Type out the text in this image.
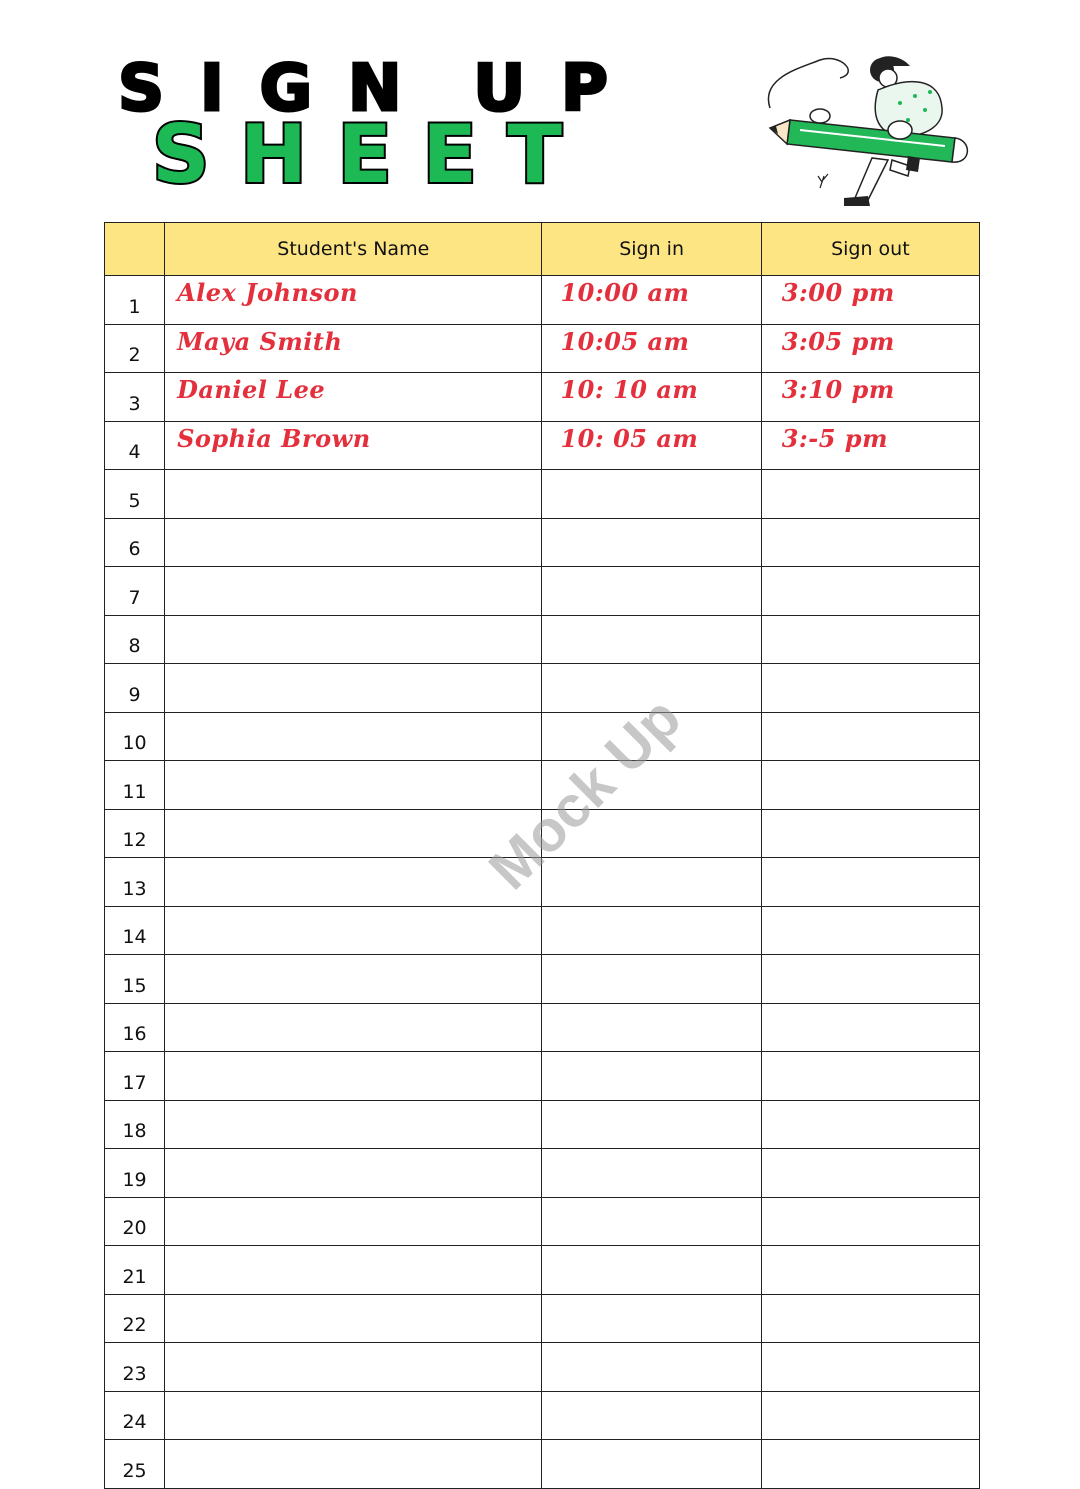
S I G N U P
S H E E T
	Student's Name	Sign in	Sign out
1	Alex Johnson	10:00 am	3:00 pm
2	Maya Smith	10:05 am	3:05 pm
3	Daniel Lee	10: 10 am	3:10 pm
4	Sophia Brown	10: 05 am	3:-5 pm
5			
6			
7			
8			
9			
10			
11			
12			
13			
14			
15			
16			
17			
18			
19			
20			
21			
22			
23			
24			
25			
Mock Up
